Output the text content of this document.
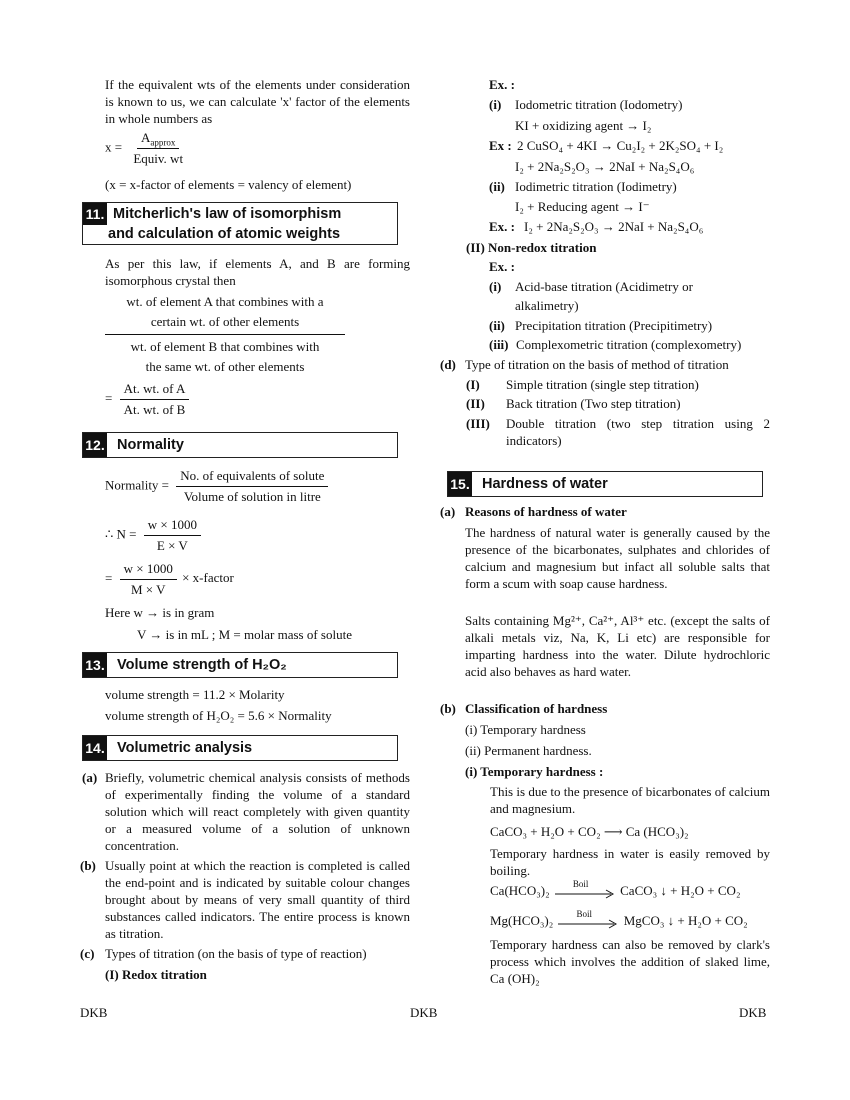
If the equivalent wts of the elements under consideration is known to us, we can calculate 'x' factor of the elements in whole numbers as
$x = \frac{A_{approx}}{\text{Equiv. wt}}$
(x = x-factor of elements = valency of element)
11. Mitcherlich's law of isomorphism
and calculation of atomic weights
As per this law, if elements A, and B are forming isomorphous crystal then
wt. of element A that combines with a
certain wt. of other elements
wt. of element B that combines with
the same wt. of other elements
= $\frac{\text{At. wt. of A}}{\text{At. wt. of B}}$
12. Normality
Normality = $\frac{\text{No. of equivalents of solute}}{\text{Volume of solution in litre}}$
∴ $N = \frac{w \times 1000}{E \times V}$
= $\frac{w \times 1000}{M \times V}$ × x-factor
Here w → is in gram
V → is in mL ; M = molar mass of solute
13. Volume strength of H₂O₂
volume strength = 11.2 × Molarity
volume strength of H₂O₂ = 5.6 × Normality
14. Volumetric analysis
(a) Briefly, volumetric chemical analysis consists of methods of experimentally finding the volume of a standard solution which will react completely with given quantity or a measured volume of a solution of unknown concentration.
(b) Usually point at which the reaction is completed is called the end-point and is indicated by suitable colour changes brought about by means of very small quantity of third substances called indicators. The entire process is known as titration.
(c) Types of titration (on the basis of type of reaction)
(I) Redox titration
Ex. :
(i) Iodometric titration (Iodometry)
KI + oxidizing agent → I₂
Ex : 2 CuSO₄ + 4KI → Cu₂I₂ + 2K₂SO₄ + I₂
I₂ + 2Na₂S₂O₃ → 2NaI + Na₂S₄O₆
(ii) Iodimetric titration (Iodimetry)
I₂ + Reducing agent → I⁻
Ex. : I₂ + 2Na₂S₂O₃ → 2NaI + Na₂S₄O₆
(II) Non-redox titration
Ex. :
(i) Acid-base titration (Acidimetry or
alkalimetry)
(ii) Precipitation titration (Precipitimetry)
(iii) Complexometric titration (complexometry)
(d) Type of titration on the basis of method of titration
(I) Simple titration (single step titration)
(II) Back titration (Two step titration)
(III) Double titration (two step titration using 2 indicators)
15. Hardness of water
(a) Reasons of hardness of water
The hardness of natural water is generally caused by the presence of the bicarbonates, sulphates and chlorides of calcium and magnesium but infact all soluble salts that form a scum with soap cause hardness.
Salts containing Mg²⁺, Ca²⁺, Al³⁺ etc. (except the salts of alkali metals viz, Na, K, Li etc) are responsible for imparting hardness into the water. Dilute hydrochloric acid also behaves as hard water.
(b) Classification of hardness
(i) Temporary hardness
(ii) Permanent hardness.
(i) Temporary hardness :
This is due to the presence of bicarbonates of calcium and magnesium.
CaCO₃ + H₂O + CO₂ ⟶ Ca (HCO₃)₂
Temporary hardness in water is easily removed by boiling.
Ca(HCO₃)₂	Boil CaCO₃ ↓ + H₂O + CO₂
Mg(HCO₃)₂	Boil MgCO₃ ↓ + H₂O + CO₂
Temporary hardness can also be removed by clark's process which involves the addition of slaked lime, Ca (OH)₂
DKB	DKB	DKB
